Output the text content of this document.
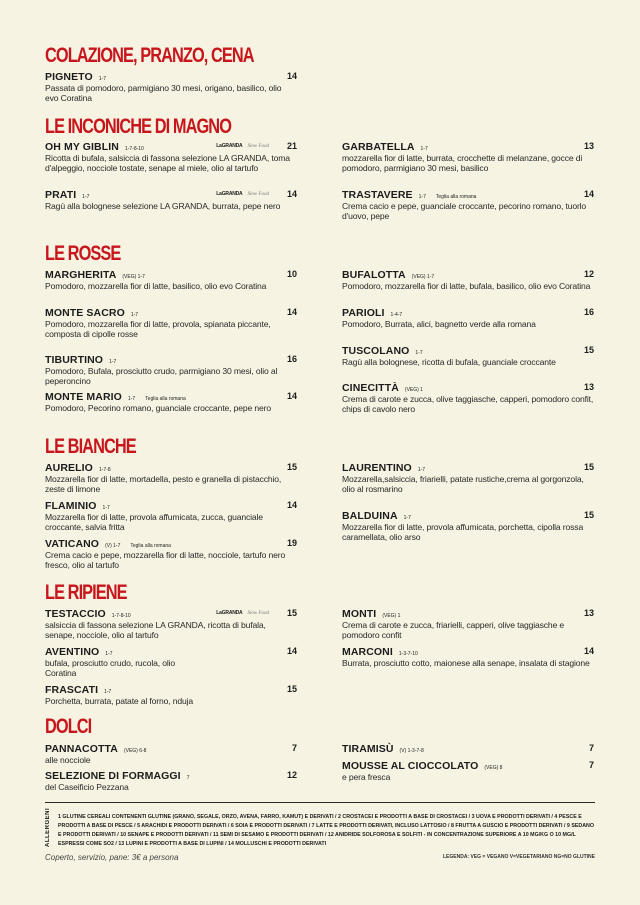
COLAZIONE, PRANZO, CENA
PIGNETO 1-7	14
Passata di pomodoro, parmigiano 30 mesi, origano, basilico, olio evo Coratina
LE INCONICHE DI MAGNO
OH MY GIBLIN 1-7-8-10	LaGRANDA Slow Food 21
Ricotta di bufala, salsiccia di fassona selezione LA GRANDA, toma d'alpeggio, nocciole tostate, senape al miele, olio al tartufo
PRATI 1-7	LaGRANDA Slow Food 14
Ragù alla bolognese selezione LA GRANDA, burrata, pepe nero
GARBATELLA 1-7	13
mozzarella fior di latte, burrata, crocchette di melanzane, gocce di pomodoro, parmigiano 30 mesi, basilico
TRASTAVERE 1-7 Teglia alla romana	14
Crema cacio e pepe, guanciale croccante, pecorino romano, tuorlo d'uovo, pepe
LE ROSSE
MARGHERITA (VEG) 1-7	10
Pomodoro, mozzarella fior di latte, basilico, olio evo Coratina
MONTE SACRO 1-7	14
Pomodoro, mozzarella fior di latte, provola, spianata piccante, composta di cipolle rosse
TIBURTINO 1-7	16
Pomodoro, Bufala, prosciutto crudo, parmigiano 30 mesi, olio al peperoncino
MONTE MARIO 1-7 Teglia alla romana	14
Pomodoro, Pecorino romano, guanciale croccante, pepe nero
BUFALOTTA (VEG) 1-7	12
Pomodoro, mozzarella fior di latte, bufala, basilico, olio evo Coratina
PARIOLI 1-4-7	16
Pomodoro, Burrata, alici, bagnetto verde alla romana
TUSCOLANO 1-7	15
Ragù alla bolognese, ricotta di bufala, guanciale croccante
CINECITTÀ (VEG) 1	13
Crema di carote e zucca, olive taggiasche, capperi, pomodoro confit, chips di cavolo nero
LE BIANCHE
AURELIO 1-7-8	15
Mozzarella fior di latte, mortadella, pesto e granella di pistacchio, zeste di limone
FLAMINIO 1-7	14
Mozzarella fior di latte, provola affumicata, zucca, guanciale croccante, salvia fritta
VATICANO (V) 1-7 Teglia alla romana	19
Crema cacio e pepe, mozzarella fior di latte, nocciole, tartufo nero fresco, olio al tartufo
LAURENTINO 1-7	15
Mozzarella,salsiccia, friarielli, patate rustiche,crema al gorgonzola, olio al rosmarino
BALDUINA 1-7	15
Mozzarella fior di latte, provola affumicata, porchetta, cipolla rossa caramellata, olio arso
LE RIPIENE
TESTACCIO 1-7-8-10	LaGRANDA Slow Food 15
salsiccia di fassona selezione LA GRANDA, ricotta di bufala, senape, nocciole, olio al tartufo
AVENTINO 1-7	14
bufala, prosciutto crudo, rucola, olio Coratina
FRASCATI 1-7	15
Porchetta, burrata, patate al forno, nduja
MONTI (VEG) 1	13
Crema di carote e zucca, friarielli, capperi, olive taggiasche e pomodoro confit
MARCONI 1-3-7-10	14
Burrata, prosciutto cotto, maionese alla senape, insalata di stagione
DOLCI
PANNACOTTA (VEG) 6-8	7
alle nocciole
SELEZIONE DI FORMAGGI 7	12
del Caseificio Pezzana
TIRAMISÙ (V) 1-3-7-8	7
MOUSSE AL CIOCCOLATO (VEG) 8	7
e pera fresca
ALLERGENI	1 GLUTINE CEREALI CONTENENTI GLUTINE (GRANO, SEGALE, ORZO, AVENA, FARRO, KAMUT) E DERIVATI / 2 CROSTACEI E PRODOTTI A BASE DI CROSTACEI / 3 UOVA E PRODOTTI DERIVATI / 4 PESCE E PRODOTTI A BASE DI PESCE / 5 ARACHIDI E PRODOTTI DERIVATI / 6 SOIA E PRODOTTI DERIVATI / 7 LATTE E PRODOTTI DERIVATI, INCLUSO LATTOSIO / 8 FRUTTA A GUSCIO E PRODOTTI DERIVATI / 9 SEDANO E PRODOTTI DERIVATI / 10 SENAPE E PRODOTTI DERIVATI / 11 SEMI DI SESAMO E PRODOTTI DERIVATI / 12 ANIDRIDE SOLFOROSA E SOLFITI - IN CONCENTRAZIONE SUPERIORE A 10 MG/KG O 10 MG/L ESPRESSI COME SO2 / 13 LUPINI E PRODOTTI A BASE DI LUPINI / 14 MOLLUSCHI E PRODOTTI DERIVATI
Coperto, servizio, pane: 3€ a persona	LEGENDA: VEG = VEGANO V=VEGETARIANO NG=NO GLUTINE
